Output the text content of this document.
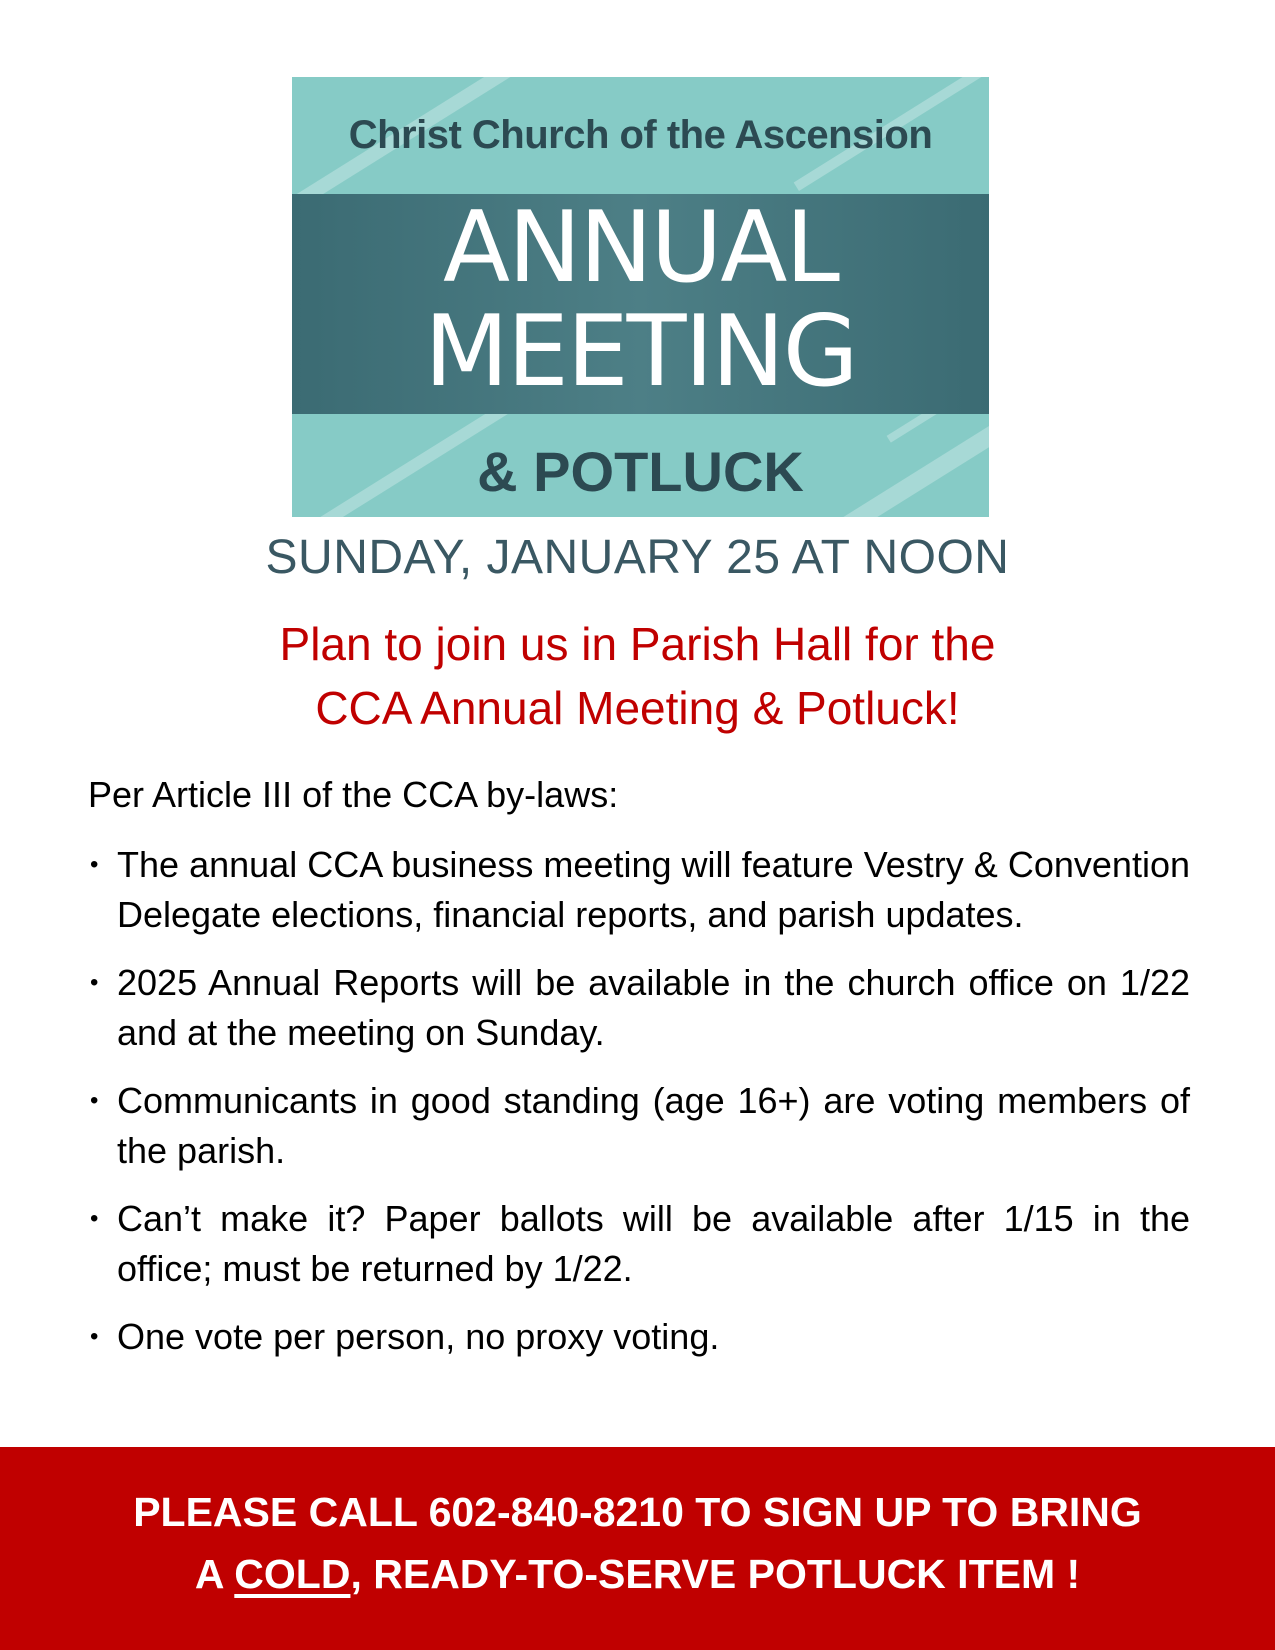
Christ Church of the Ascension
ANNUAL
MEETING
& POTLUCK
SUNDAY, JANUARY 25 AT NOON
Plan to join us in Parish Hall for the
CCA Annual Meeting & Potluck!
Per Article III of the CCA by-laws:
• The annual CCA business meeting will feature Vestry & Convention Delegate elections, financial reports, and parish updates.
• 2025 Annual Reports will be available in the church office on 1/22 and at the meeting on Sunday.
• Communicants in good standing (age 16+) are voting members of the parish.
• Can’t make it? Paper ballots will be available after 1/15 in the office; must be returned by 1/22.
• One vote per person, no proxy voting.
PLEASE CALL 602-840-8210 TO SIGN UP TO BRING
A COLD, READY-TO-SERVE POTLUCK ITEM !
